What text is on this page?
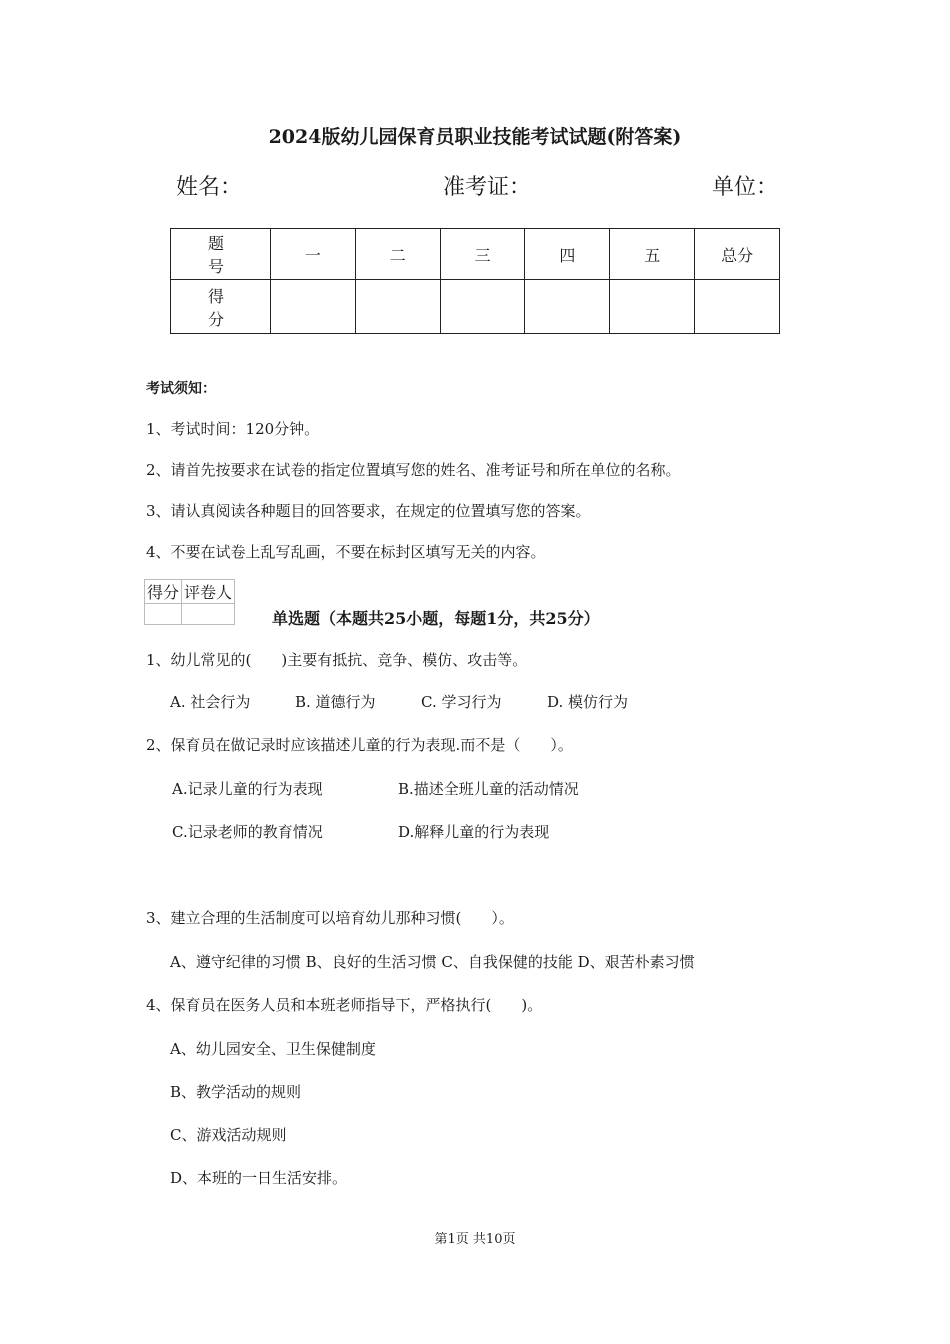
2024版幼儿园保育员职业技能考试试题(附答案)
姓名：	准考证：	单位：
题　号	一	二	三	四	五	总分
得　分						
考试须知：
1、考试时间：120分钟。
2、请首先按要求在试卷的指定位置填写您的姓名、准考证号和所在单位的名称。
3、请认真阅读各种题目的回答要求，在规定的位置填写您的答案。
4、不要在试卷上乱写乱画，不要在标封区填写无关的内容。
得分	评卷人

单选题（本题共25小题，每题1分，共25分）
1、幼儿常见的(　　)主要有抵抗、竞争、模仿、攻击等。
A. 社会行为	B. 道德行为	C. 学习行为	D. 模仿行为
2、保育员在做记录时应该描述儿童的行为表现.而不是（　　）。
A.记录儿童的行为表现	B.描述全班儿童的活动情况
C.记录老师的教育情况	D.解释儿童的行为表现
3、建立合理的生活制度可以培育幼儿那种习惯(　　）。
A、遵守纪律的习惯 B、良好的生活习惯 C、自我保健的技能 D、艰苦朴素习惯
4、保育员在医务人员和本班老师指导下，严格执行(　　)。
A、幼儿园安全、卫生保健制度
B、教学活动的规则
C、游戏活动规则
D、本班的一日生活安排。
第1页 共10页
